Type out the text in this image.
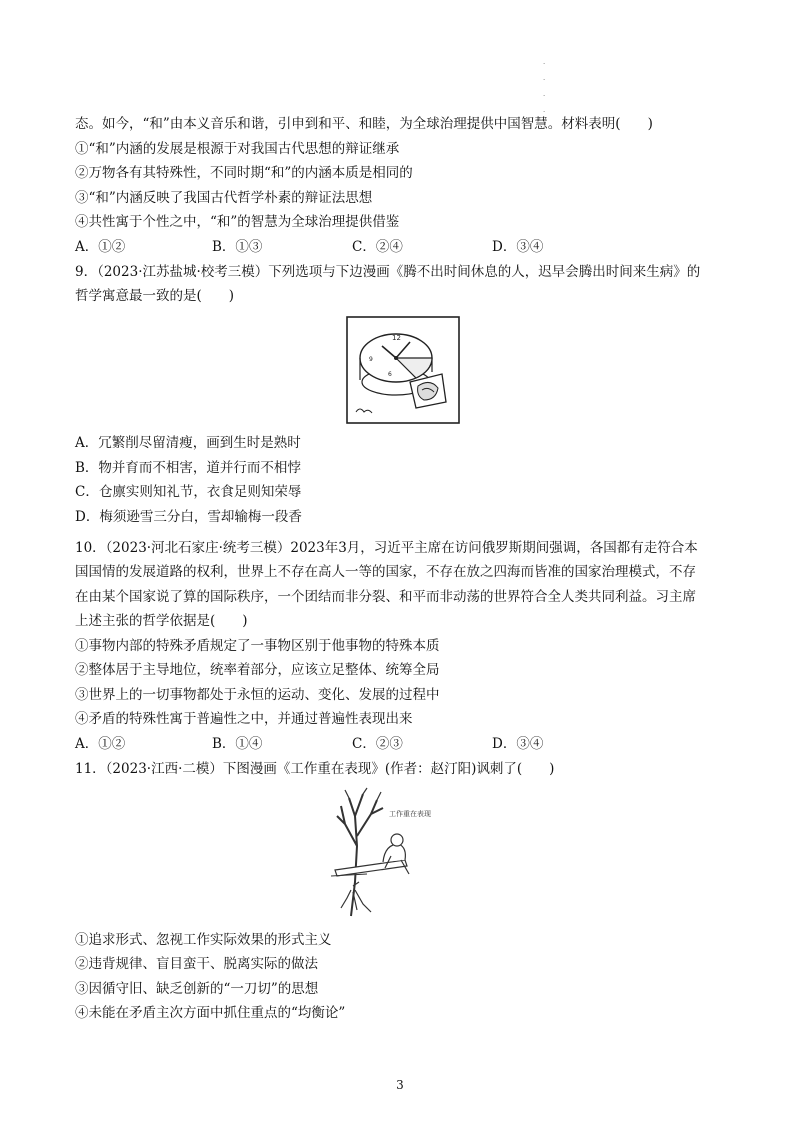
·
·
·
·
态。如今，“和”由本义音乐和谐，引申到和平、和睦，为全球治理提供中国智慧。材料表明(　　)
①“和”内涵的发展是根源于对我国古代思想的辩证继承
②万物各有其特殊性，不同时期“和”的内涵本质是相同的
③“和”内涵反映了我国古代哲学朴素的辩证法思想
④共性寓于个性之中，“和”的智慧为全球治理提供借鉴
A．①②	B．①③	C．②④	D．③④
9．（2023·江苏盐城·校考三模）下列选项与下边漫画《腾不出时间休息的人，迟早会腾出时间来生病》的
哲学寓意最一致的是(　　)
12
9
6
A．冗繁削尽留清瘦，画到生时是熟时
B．物并育而不相害，道并行而不相悖
C．仓廪实则知礼节，衣食足则知荣辱
D．梅须逊雪三分白，雪却输梅一段香
10．（2023·河北石家庄·统考三模）2023年3月，习近平主席在访问俄罗斯期间强调，各国都有走符合本
国国情的发展道路的权利，世界上不存在高人一等的国家，不存在放之四海而皆准的国家治理模式，不存
在由某个国家说了算的国际秩序，一个团结而非分裂、和平而非动荡的世界符合全人类共同利益。习主席
上述主张的哲学依据是(　　)
①事物内部的特殊矛盾规定了一事物区别于他事物的特殊本质
②整体居于主导地位，统率着部分，应该立足整体、统筹全局
③世界上的一切事物都处于永恒的运动、变化、发展的过程中
④矛盾的特殊性寓于普遍性之中，并通过普遍性表现出来
A．①②	B．①④	C．②③	D．③④
11．（2023·江西·二模）下图漫画《工作重在表现》(作者：赵汀阳)讽刺了(　　)
工作重在表现
①追求形式、忽视工作实际效果的形式主义
②违背规律、盲目蛮干、脱离实际的做法
③因循守旧、缺乏创新的“一刀切”的思想
④未能在矛盾主次方面中抓住重点的“均衡论”
3
